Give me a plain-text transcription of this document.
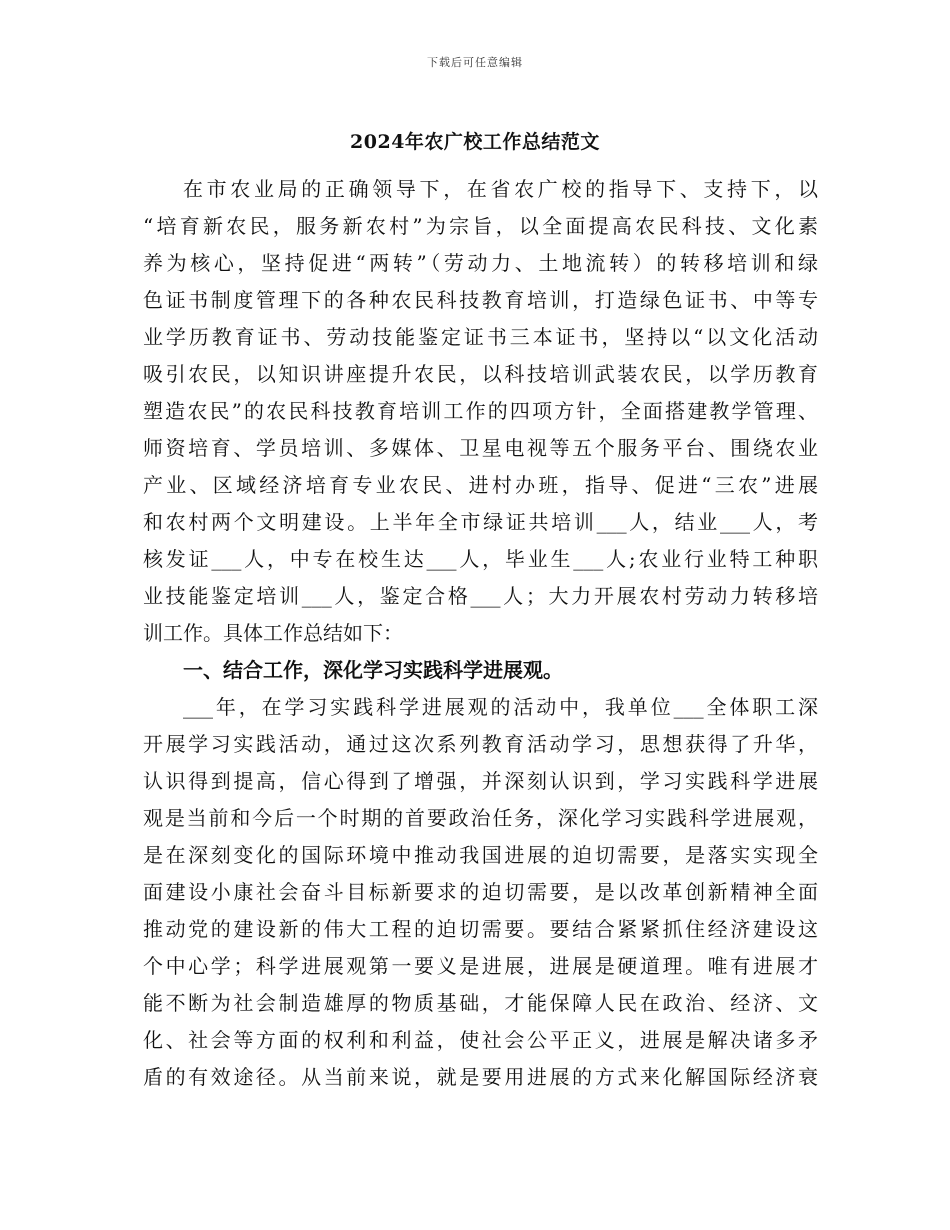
下载后可任意编辑
2024年农广校工作总结范文
在市农业局的正确领导下，在省农广校的指导下、支持下，以
“培育新农民，服务新农村”为宗旨，以全面提高农民科技、文化素
养为核心，坚持促进“两转”（劳动力、土地流转）的转移培训和绿
色证书制度管理下的各种农民科技教育培训，打造绿色证书、中等专
业学历教育证书、劳动技能鉴定证书三本证书，坚持以“以文化活动
吸引农民，以知识讲座提升农民，以科技培训武装农民，以学历教育
塑造农民”的农民科技教育培训工作的四项方针，全面搭建教学管理、
师资培育、学员培训、多媒体、卫星电视等五个服务平台、围绕农业
产业、区域经济培育专业农民、进村办班，指导、促进“三农”进展
和农村两个文明建设。上半年全市绿证共培训___人，结业___人，考
核发证___人，中专在校生达___人，毕业生___人;农业行业特工种职
业技能鉴定培训___人，鉴定合格___人；大力开展农村劳动力转移培
训工作。具体工作总结如下：
一、结合工作，深化学习实践科学进展观。
___年，在学习实践科学进展观的活动中，我单位___全体职工深
开展学习实践活动，通过这次系列教育活动学习，思想获得了升华，
认识得到提高，信心得到了增强，并深刻认识到，学习实践科学进展
观是当前和今后一个时期的首要政治任务，深化学习实践科学进展观，
是在深刻变化的国际环境中推动我国进展的迫切需要，是落实实现全
面建设小康社会奋斗目标新要求的迫切需要，是以改革创新精神全面
推动党的建设新的伟大工程的迫切需要。要结合紧紧抓住经济建设这
个中心学；科学进展观第一要义是进展，进展是硬道理。唯有进展才
能不断为社会制造雄厚的物质基础，才能保障人民在政治、经济、文
化、社会等方面的权利和利益，使社会公平正义，进展是解决诸多矛
盾的有效途径。从当前来说，就是要用进展的方式来化解国际经济衰
